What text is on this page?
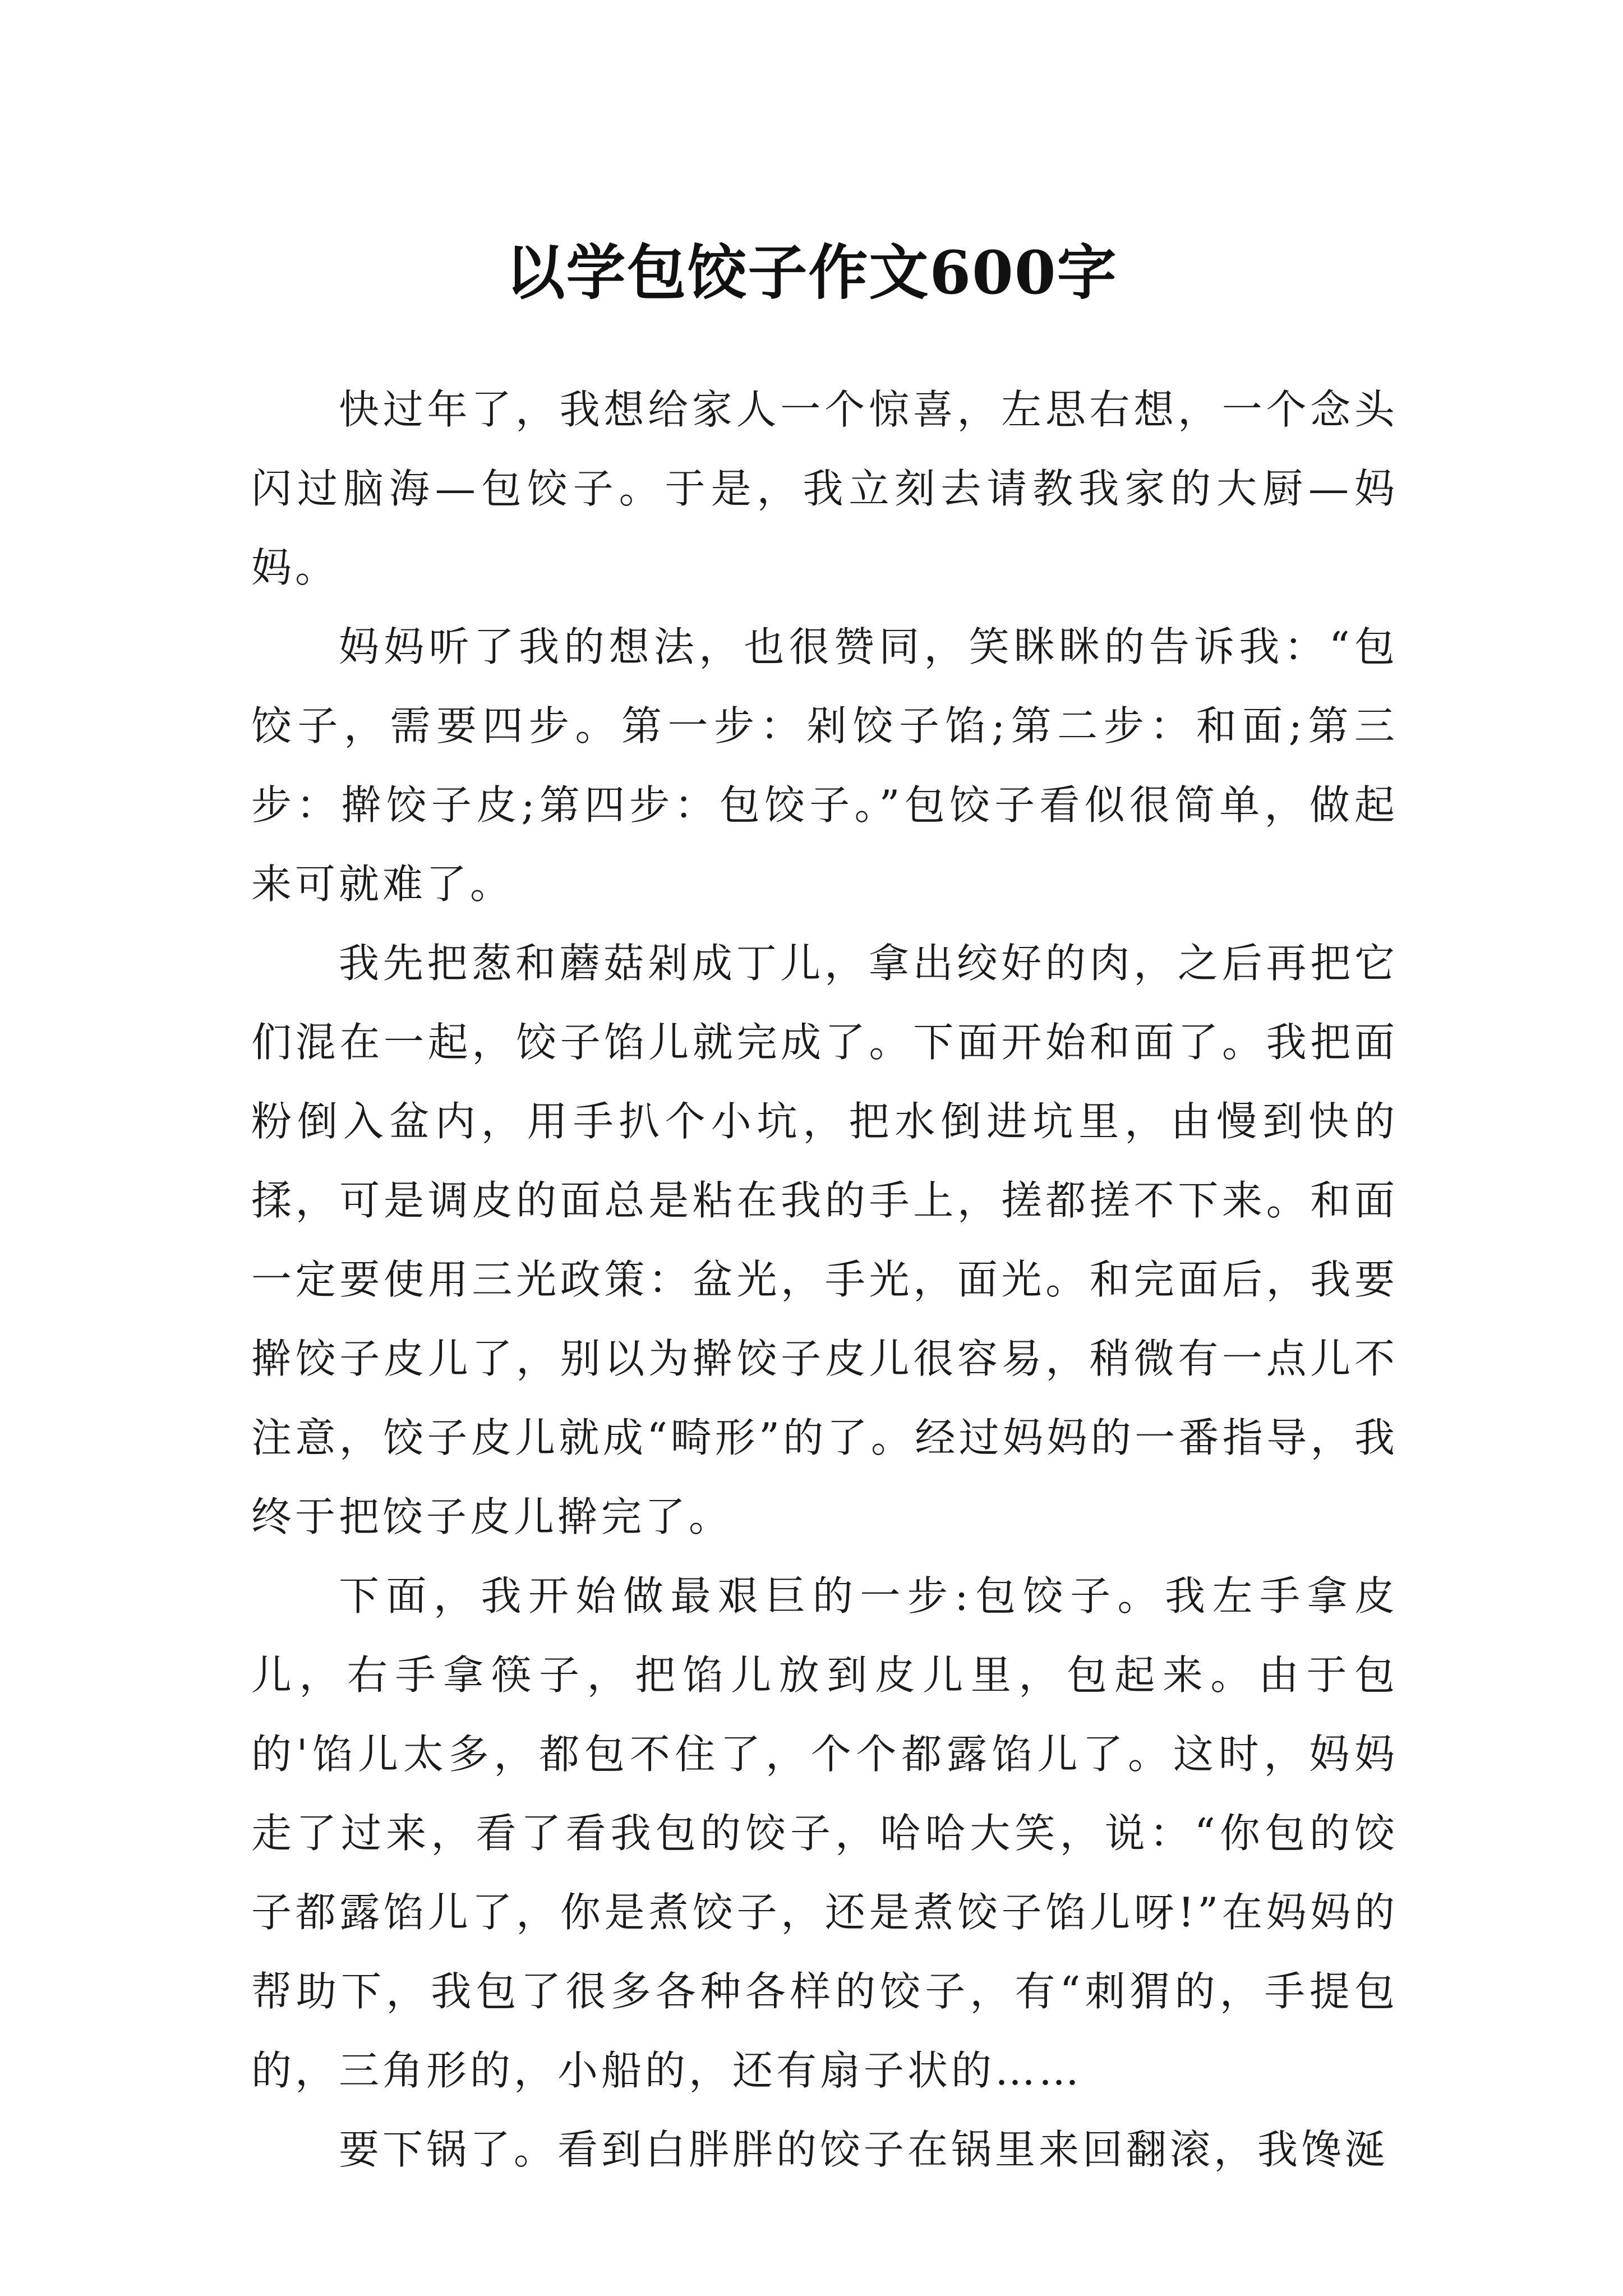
以学包饺子作文600字

快过年了，我想给家人一个惊喜，左思右想，一个念头闪过脑海—包饺子。于是，我立刻去请教我家的大厨—妈妈。

妈妈听了我的想法，也很赞同，笑眯眯的告诉我：“包饺子，需要四步。第一步：剁饺子馅;第二步：和面;第三步：擀饺子皮;第四步：包饺子。”包饺子看似很简单，做起来可就难了。

我先把葱和蘑菇剁成丁儿，拿出绞好的肉，之后再把它们混在一起，饺子馅儿就完成了。下面开始和面了。我把面粉倒入盆内，用手扒个小坑，把水倒进坑里，由慢到快的揉，可是调皮的面总是粘在我的手上，搓都搓不下来。和面一定要使用三光政策：盆光，手光，面光。和完面后，我要擀饺子皮儿了，别以为擀饺子皮儿很容易，稍微有一点儿不注意，饺子皮儿就成“畸形”的了。经过妈妈的一番指导，我终于把饺子皮儿擀完了。

下面，我开始做最艰巨的一步:包饺子。我左手拿皮儿，右手拿筷子，把馅儿放到皮儿里，包起来。由于包的'馅儿太多，都包不住了，个个都露馅儿了。这时，妈妈走了过来，看了看我包的饺子，哈哈大笑，说：“你包的饺子都露馅儿了，你是煮饺子，还是煮饺子馅儿呀!”在妈妈的帮助下，我包了很多各种各样的饺子，有“刺猬的，手提包的，三角形的，小船的，还有扇子状的……

要下锅了。看到白胖胖的饺子在锅里来回翻滚，我馋涎
